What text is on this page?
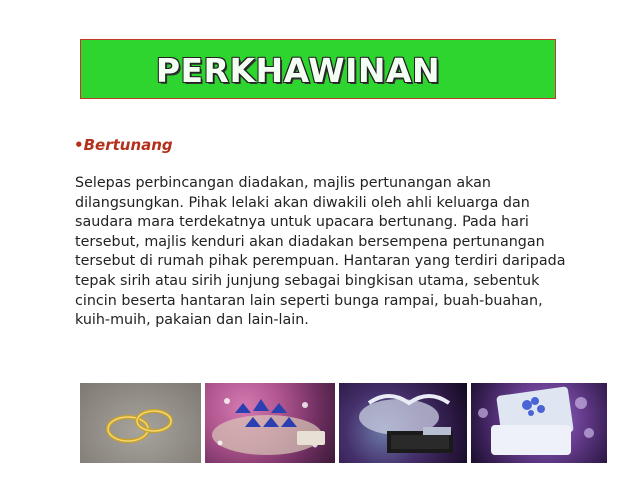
PERKHAWINAN
•Bertunang
Selepas perbincangan diadakan, majlis pertunangan akan
dilangsungkan. Pihak lelaki akan diwakili oleh ahli keluarga dan
saudara mara terdekatnya untuk upacara bertunang. Pada hari
tersebut, majlis kenduri akan diadakan bersempena pertunangan
tersebut di rumah pihak perempuan. Hantaran yang terdiri daripada
tepak sirih atau sirih junjung sebagai bingkisan utama, sebentuk
cincin beserta hantaran lain seperti bunga rampai, buah-buahan,
kuih-muih, pakaian dan lain-lain.
